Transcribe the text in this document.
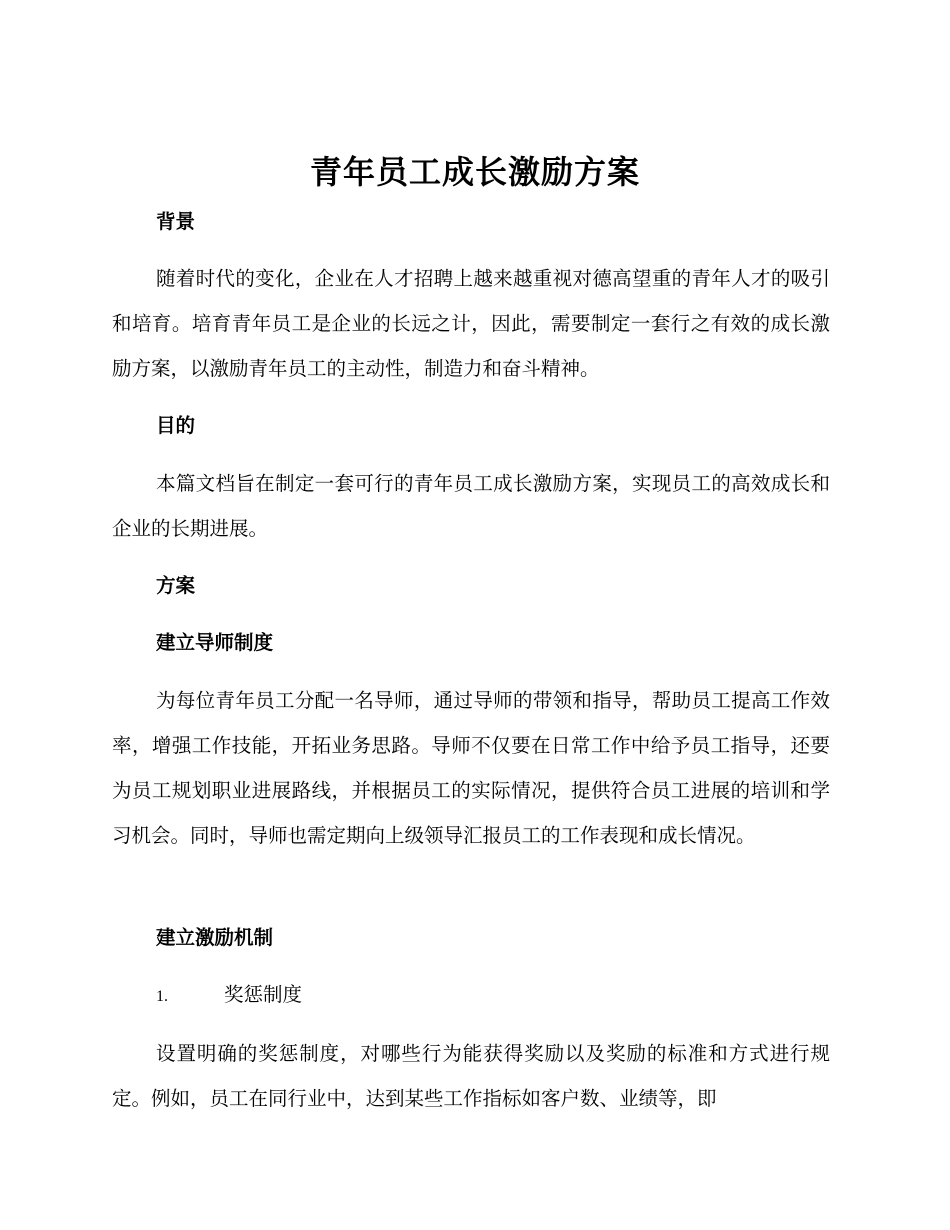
青年员工成长激励方案
背景

随着时代的变化，企业在人才招聘上越来越重视对德高望重的青年人才的吸引和培育。培育青年员工是企业的长远之计，因此，需要制定一套行之有效的成长激励方案，以激励青年员工的主动性，制造力和奋斗精神。

目的

本篇文档旨在制定一套可行的青年员工成长激励方案，实现员工的高效成长和企业的长期进展。

方案
建立导师制度

为每位青年员工分配一名导师，通过导师的带领和指导，帮助员工提高工作效率，增强工作技能，开拓业务思路。导师不仅要在日常工作中给予员工指导，还要为员工规划职业进展路线，并根据员工的实际情况，提供符合员工进展的培训和学习机会。同时，导师也需定期向上级领导汇报员工的工作表现和成长情况。

建立激励机制
1.	奖惩制度

设置明确的奖惩制度，对哪些行为能获得奖励以及奖励的标准和方式进行规定。例如，员工在同行业中，达到某些工作指标如客户数、业绩等，即
